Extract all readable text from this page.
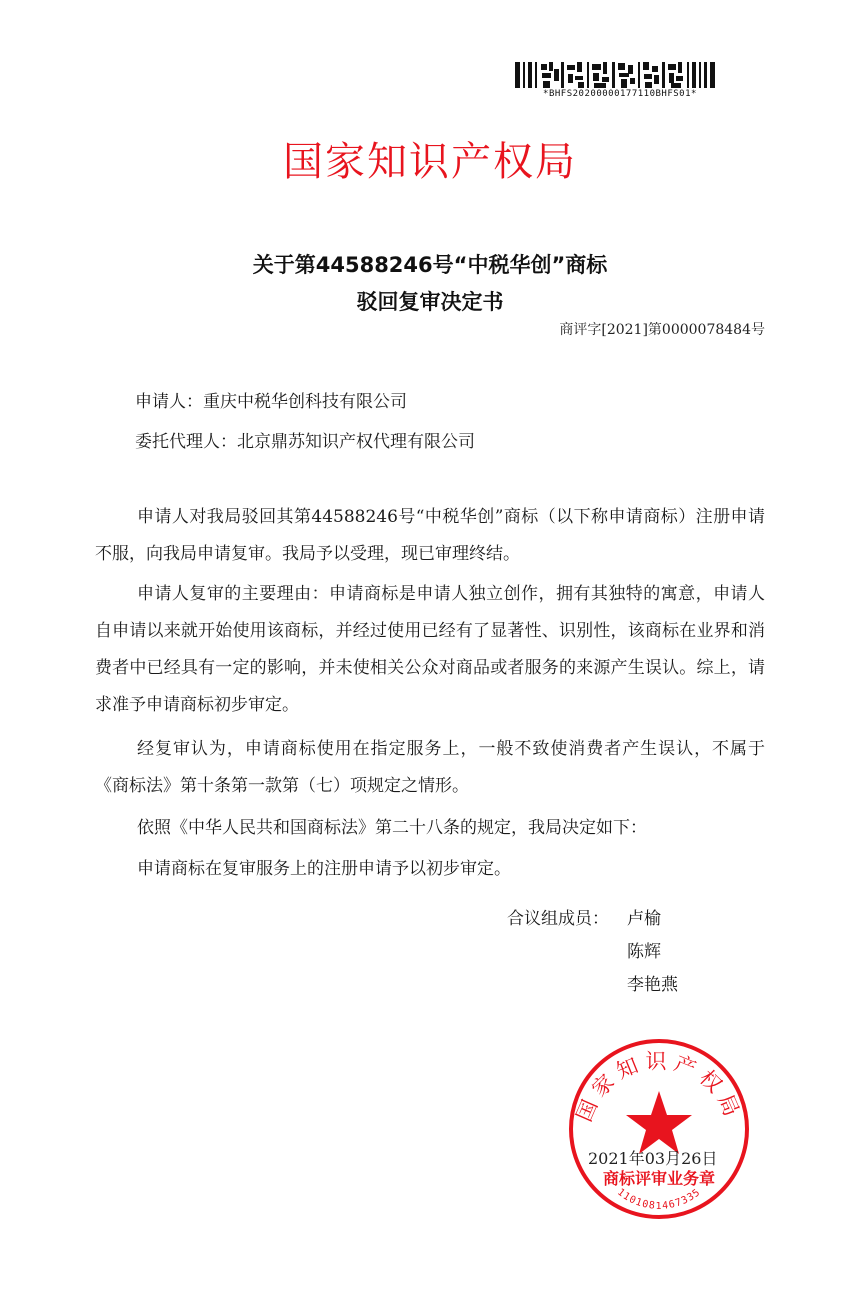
*BHFS20200000177110BHFS01*
国家知识产权局
关于第44588246号“中税华创”商标
驳回复审决定书
商评字[2021]第0000078484号
申请人：重庆中税华创科技有限公司
委托代理人：北京鼎苏知识产权代理有限公司
申请人对我局驳回其第44588246号“中税华创”商标（以下称申请商标）注册申请不服，向我局申请复审。我局予以受理，现已审理终结。
申请人复审的主要理由：申请商标是申请人独立创作，拥有其独特的寓意，申请人自申请以来就开始使用该商标，并经过使用已经有了显著性、识别性，该商标在业界和消费者中已经具有一定的影响，并未使相关公众对商品或者服务的来源产生误认。综上，请求准予申请商标初步审定。
经复审认为，申请商标使用在指定服务上，一般不致使消费者产生误认，不属于《商标法》第十条第一款第（七）项规定之情形。
依照《中华人民共和国商标法》第二十八条的规定，我局决定如下：
申请商标在复审服务上的注册申请予以初步审定。
合议组成员： 卢榆
陈辉
李艳燕
国家知识产权局
商标评审业务章
1101081467335
2021年03月26日
